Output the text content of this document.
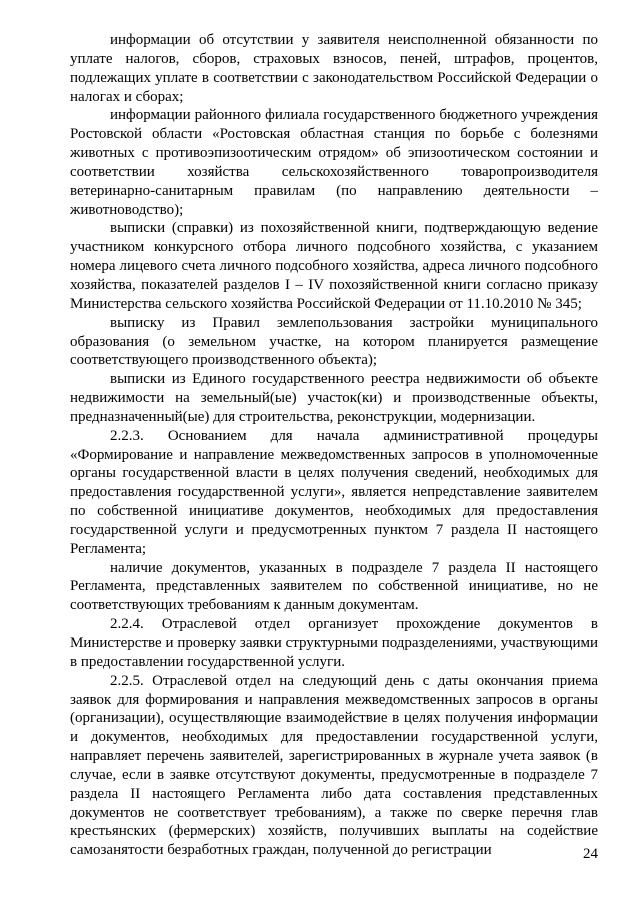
информации об отсутствии у заявителя неисполненной обязанности по уплате налогов, сборов, страховых взносов, пеней, штрафов, процентов, подлежащих уплате в соответствии с законодательством Российской Федерации о налогах и сборах;

информации районного филиала государственного бюджетного учреждения Ростовской области «Ростовская областная станция по борьбе с болезнями животных с противоэпизоотическим отрядом» об эпизоотическом состоянии и соответствии хозяйства сельскохозяйственного товаропроизводителя ветеринарно-санитарным правилам (по направлению деятельности – животноводство);

выписки (справки) из похозяйственной книги, подтверждающую ведение участником конкурсного отбора личного подсобного хозяйства, с указанием номера лицевого счета личного подсобного хозяйства, адреса личного подсобного хозяйства, показателей разделов I – IV похозяйственной книги согласно приказу Министерства сельского хозяйства Российской Федерации от 11.10.2010 № 345;

выписку из Правил землепользования застройки муниципального образования (о земельном участке, на котором планируется размещение соответствующего производственного объекта);

выписки из Единого государственного реестра недвижимости об объекте недвижимости на земельный(ые) участок(ки) и производственные объекты, предназначенный(ые) для строительства, реконструкции, модернизации.

2.2.3. Основанием для начала административной процедуры «Формирование и направление межведомственных запросов в уполномоченные органы государственной власти в целях получения сведений, необходимых для предоставления государственной услуги», является непредставление заявителем по собственной инициативе документов, необходимых для предоставления государственной услуги и предусмотренных пунктом 7 раздела II настоящего Регламента;

наличие документов, указанных в подразделе 7 раздела II настоящего Регламента, представленных заявителем по собственной инициативе, но не соответствующих требованиям к данным документам.

2.2.4. Отраслевой отдел организует прохождение документов в Министерстве и проверку заявки структурными подразделениями, участвующими в предоставлении государственной услуги.

2.2.5. Отраслевой отдел на следующий день с даты окончания приема заявок для формирования и направления межведомственных запросов в органы (организации), осуществляющие взаимодействие в целях получения информации и документов, необходимых для предоставлении государственной услуги, направляет перечень заявителей, зарегистрированных в журнале учета заявок (в случае, если в заявке отсутствуют документы, предусмотренные в подразделе 7 раздела II настоящего Регламента либо дата составления представленных документов не соответствует требованиям), а также по сверке перечня глав крестьянских (фермерских) хозяйств, получивших выплаты на содействие самозанятости безработных граждан, полученной до регистрации	24
